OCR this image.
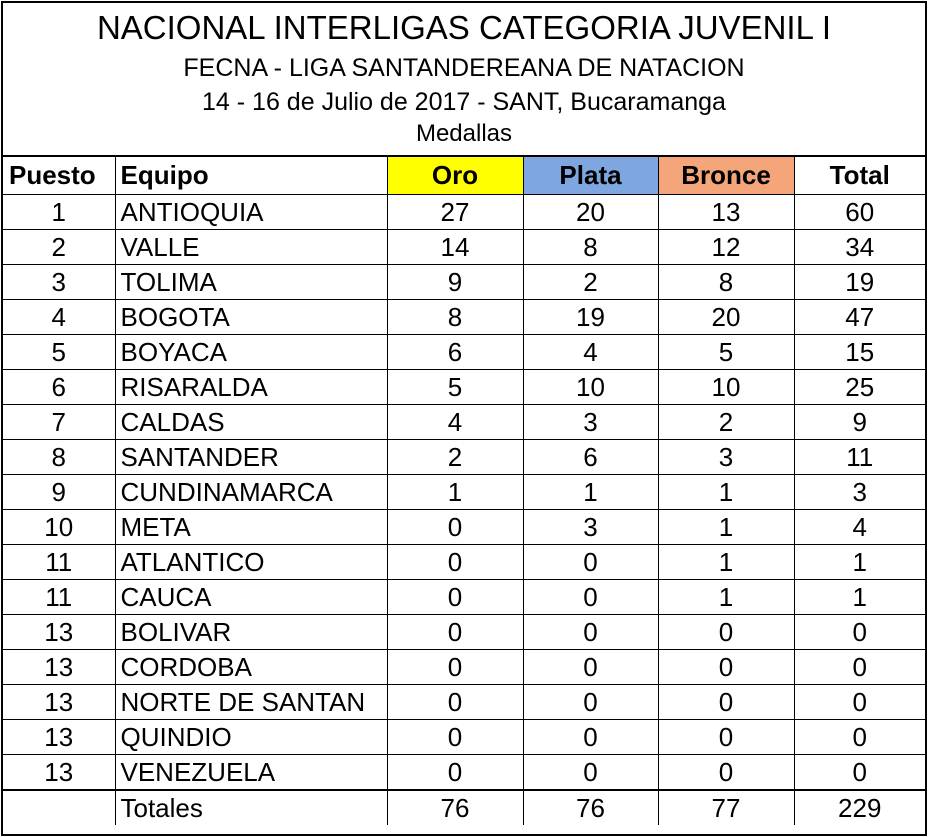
NACIONAL INTERLIGAS CATEGORIA JUVENIL I
FECNA - LIGA SANTANDEREANA DE NATACION
14 - 16 de Julio de 2017 - SANT, Bucaramanga
Medallas
Puesto	Equipo	Oro	Plata	Bronce	Total
1	ANTIOQUIA	27	20	13	60
2	VALLE	14	8	12	34
3	TOLIMA	9	2	8	19
4	BOGOTA	8	19	20	47
5	BOYACA	6	4	5	15
6	RISARALDA	5	10	10	25
7	CALDAS	4	3	2	9
8	SANTANDER	2	6	3	11
9	CUNDINAMARCA	1	1	1	3
10	META	0	3	1	4
11	ATLANTICO	0	0	1	1
11	CAUCA	0	0	1	1
13	BOLIVAR	0	0	0	0
13	CORDOBA	0	0	0	0
13	NORTE DE SANTAN	0	0	0	0
13	QUINDIO	0	0	0	0
13	VENEZUELA	0	0	0	0
	Totales	76	76	77	229
